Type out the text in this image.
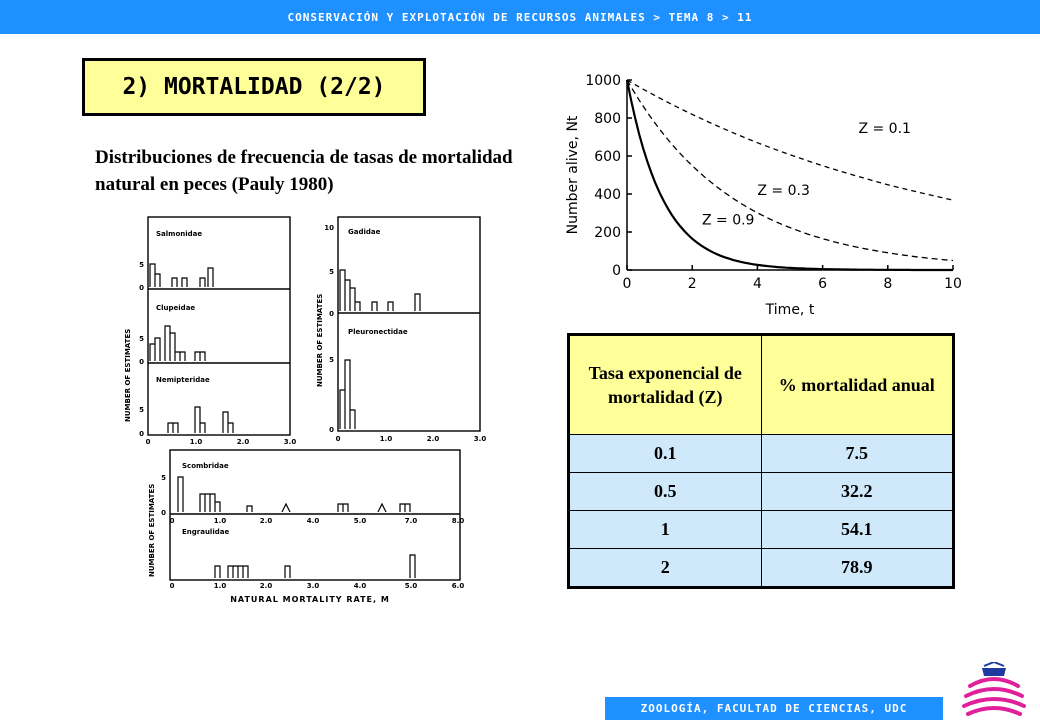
CONSERVACIÓN Y EXPLOTACIÓN DE RECURSOS ANIMALES > TEMA 8 > 11
2) MORTALIDAD (2/2)
Distribuciones de frecuencia de tasas de mortalidad natural en peces (Pauly 1980)
Salmonidae
Clupeidae
Nemipteridae
Gadidae
Pleuronectidae
Scombridae
Engraulidae
NUMBER OF ESTIMATES	NUMBER OF ESTIMATES
NUMBER OF ESTIMATES
5
0
5
0
5
0
10
5
0
5
0
5
0
0	1.0	2.0	3.0	0	1.0	2.0	3.0
0	1.0	2.0	4.0	5.0	7.0	8.0
0	1.0	2.0	3.0	4.0	5.0	6.0
NATURAL MORTALITY RATE, M
0	2	4	6	8	10
0
200
400
600
800
1000
Z = 0.1
Z = 0.3
Z = 0.9
Time, t
Number alive, Nt
Tasa exponencial de mortalidad (Z)	% mortalidad anual
0.1	7.5
0.5	32.2
1	54.1
2	78.9
ZOOLOGÍA, FACULTAD DE CIENCIAS, UDC
